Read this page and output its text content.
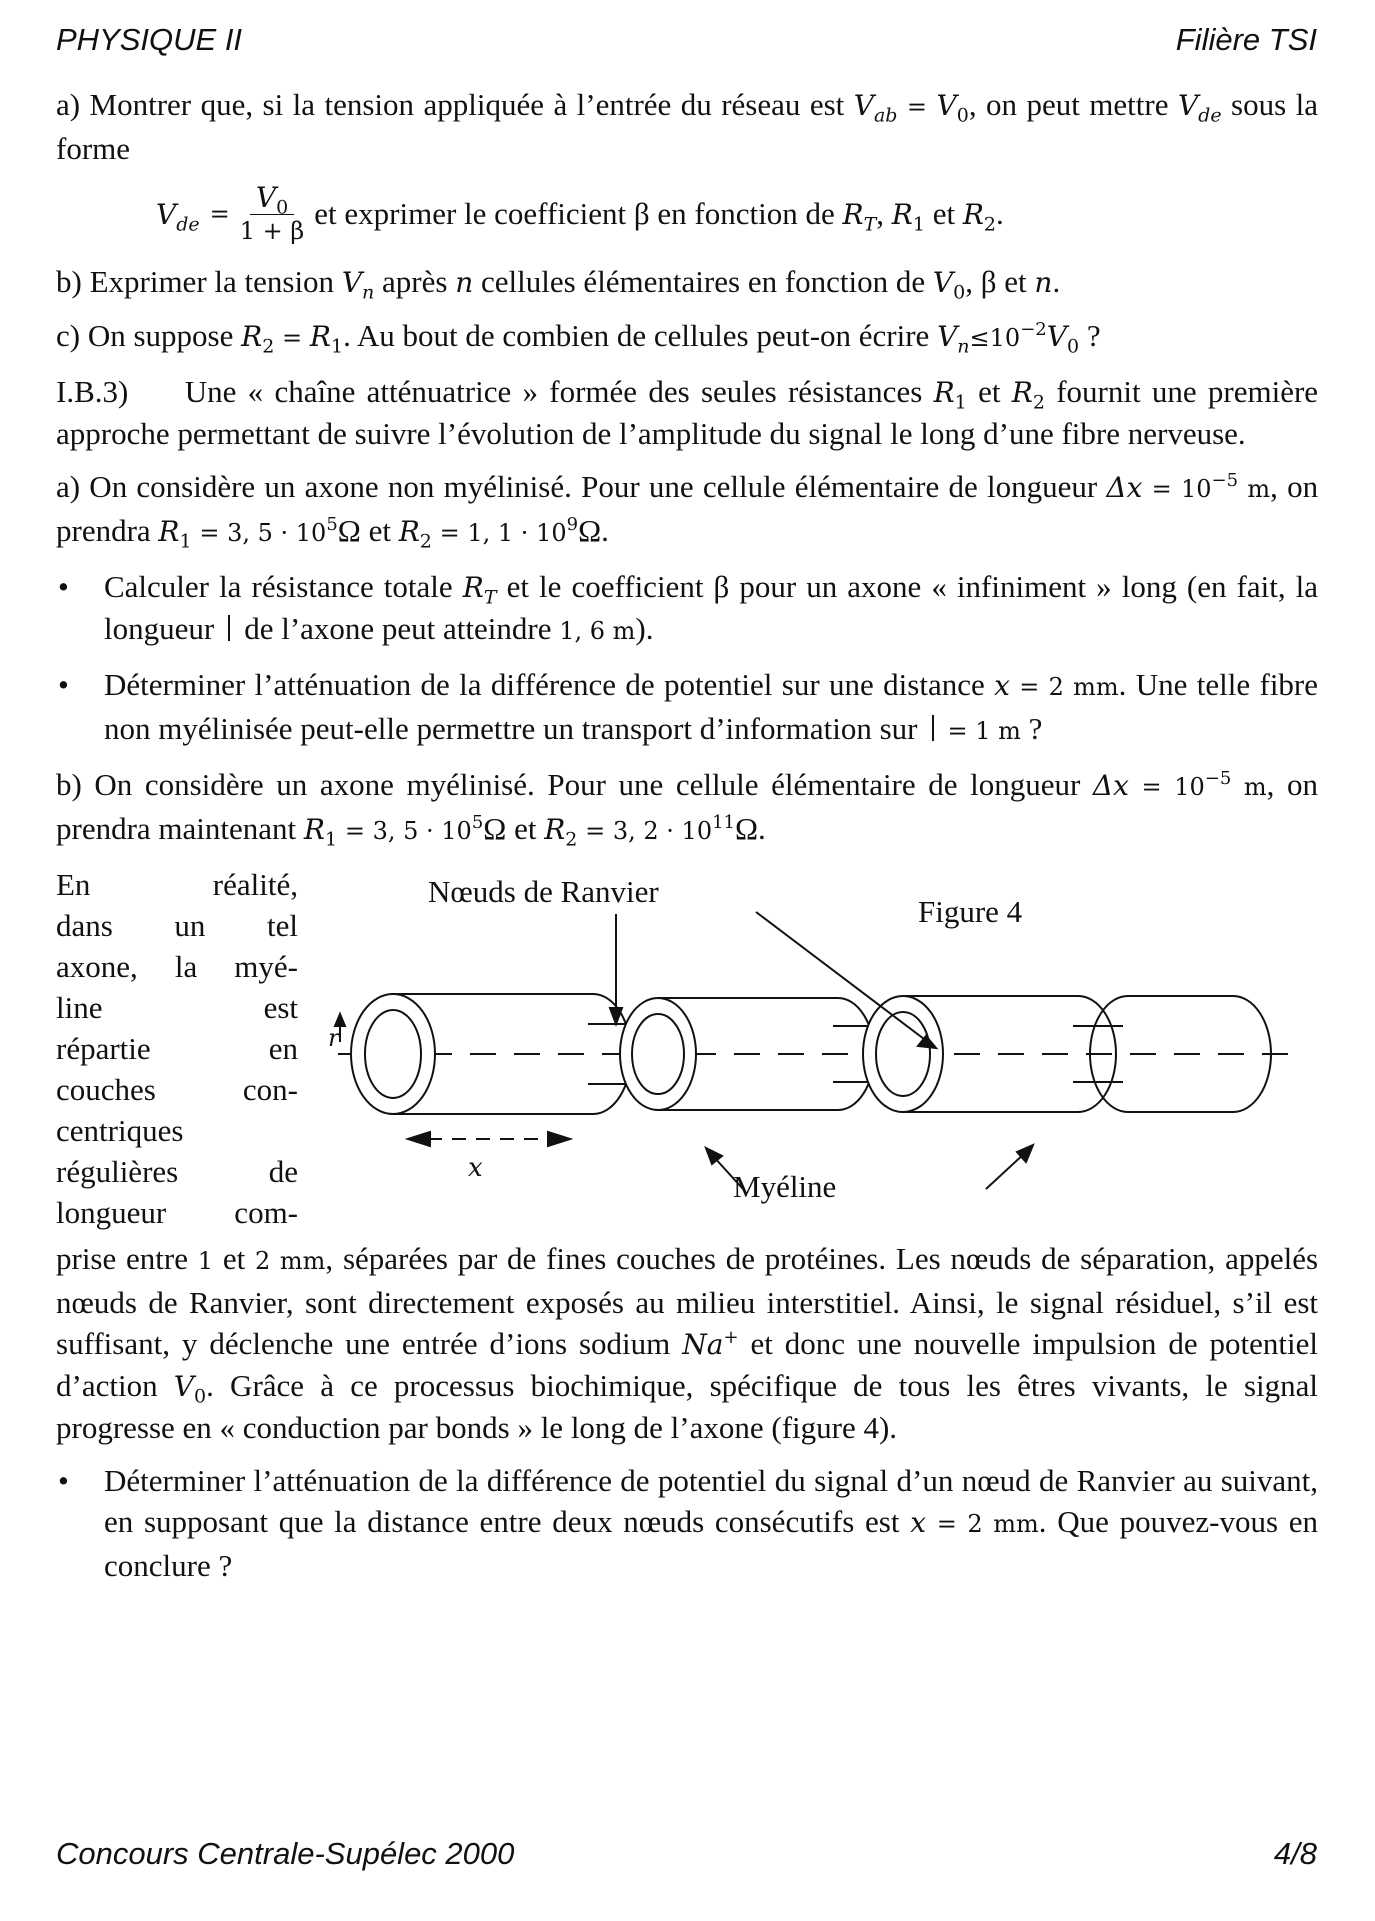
PHYSIQUE II	Filière TSI

a) Montrer que, si la tension appliquée à l’entrée du réseau est $V_{ab} = V_0$, on peut mettre $V_{de}$ sous la forme

$V_{de} = \frac{V_0}{1 + \beta}$ et exprimer le coefficient β en fonction de $R_T$, $R_1$ et $R_2$.

b) Exprimer la tension $V_n$ après n cellules élémentaires en fonction de $V_0$, β et n.

c) On suppose $R_2 = R_1$. Au bout de combien de cellules peut-on écrire $V_n\le 10^{-2}V_0$ ?

I.B.3) Une « chaîne atténuatrice » formée des seules résistances $R_1$ et $R_2$ fournit une première approche permettant de suivre l’évolution de l’amplitude du signal le long d’une fibre nerveuse.

a) On considère un axone non myélinisé. Pour une cellule élémentaire de longueur $\Delta x = 10^{-5}$ m, on prendra $R_1 = 3$, $5 \cdot 10^5\Omega$ et $R_2 = 1$, $1 \cdot 10^9\Omega$.

• Calculer la résistance totale $R_T$ et le coefficient β pour un axone « infiniment » long (en fait, la longueur de l’axone peut atteindre 1, 6 m).
• Déterminer l’atténuation de la différence de potentiel sur une distance x = 2 mm. Une telle fibre non myélinisée peut-elle permettre un transport d’information sur = 1 m ?

b) On considère un axone myélinisé. Pour une cellule élémentaire de longueur $\Delta x = 10^{-5}$ m, on prendra maintenant $R_1 = 3$, $5 \cdot 10^5\Omega$ et $R_2 = 3$, $2 \cdot 10^{11}\Omega$.

En réalité,
dans un tel
axone, la myé-
line est
répartie en
couches con-
centriques
régulières de
longueur com-
Nœuds de Ranvier
Figure 4
Myéline
x
r

prise entre 1 et 2 mm, séparées par de fines couches de protéines. Les nœuds de séparation, appelés nœuds de Ranvier, sont directement exposés au milieu interstitiel. Ainsi, le signal résiduel, s’il est suffisant, y déclenche une entrée d’ions sodium Na+ et donc une nouvelle impulsion de potentiel d’action $V_0$. Grâce à ce processus biochimique, spécifique de tous les êtres vivants, le signal progresse en « conduction par bonds » le long de l’axone (figure 4).

• Déterminer l’atténuation de la différence de potentiel du signal d’un nœud de Ranvier au suivant, en supposant que la distance entre deux nœuds consécutifs est x = 2 mm. Que pouvez-vous en conclure ?
Concours Centrale-Supélec 2000	4/8
